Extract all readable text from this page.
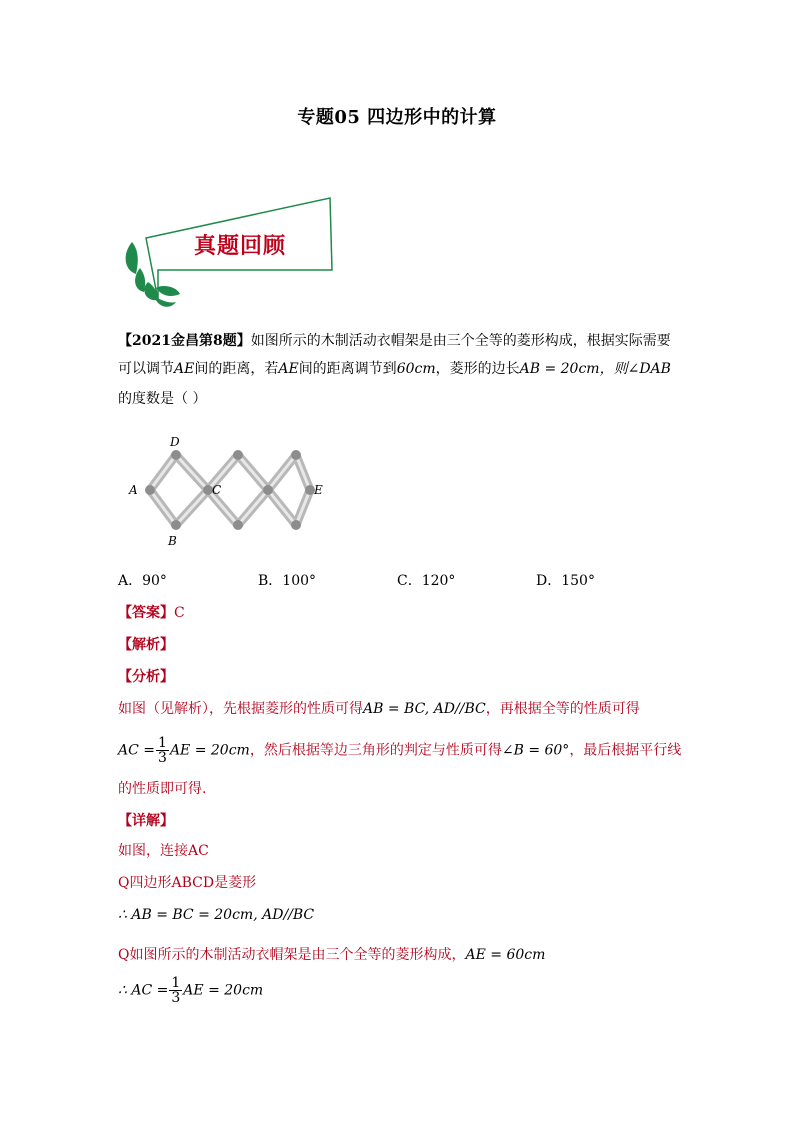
专题05 四边形中的计算
真题回顾
【2021金昌第8题】如图所示的木制活动衣帽架是由三个全等的菱形构成，根据实际需要
可以调节AE间的距离，若AE间的距离调节到60cm，菱形的边长AB = 20cm，则∠DAB
的度数是（ ）
D
A	C	E
B
A．90°	B．100°	C．120°	D．150°
【答案】C
【解析】
【分析】
如图（见解析），先根据菱形的性质可得AB = BC, AD//BC，再根据全等的性质可得
AC = $\frac{1}{3}$ AE = 20cm，然后根据等边三角形的判定与性质可得∠B = 60°，最后根据平行线
的性质即可得.
【详解】
如图，连接AC
Q四边形ABCD是菱形
∴ AB = BC = 20cm, AD//BC
Q如图所示的木制活动衣帽架是由三个全等的菱形构成，AE = 60cm
∴ AC = $\frac{1}{3}$ AE = 20cm
